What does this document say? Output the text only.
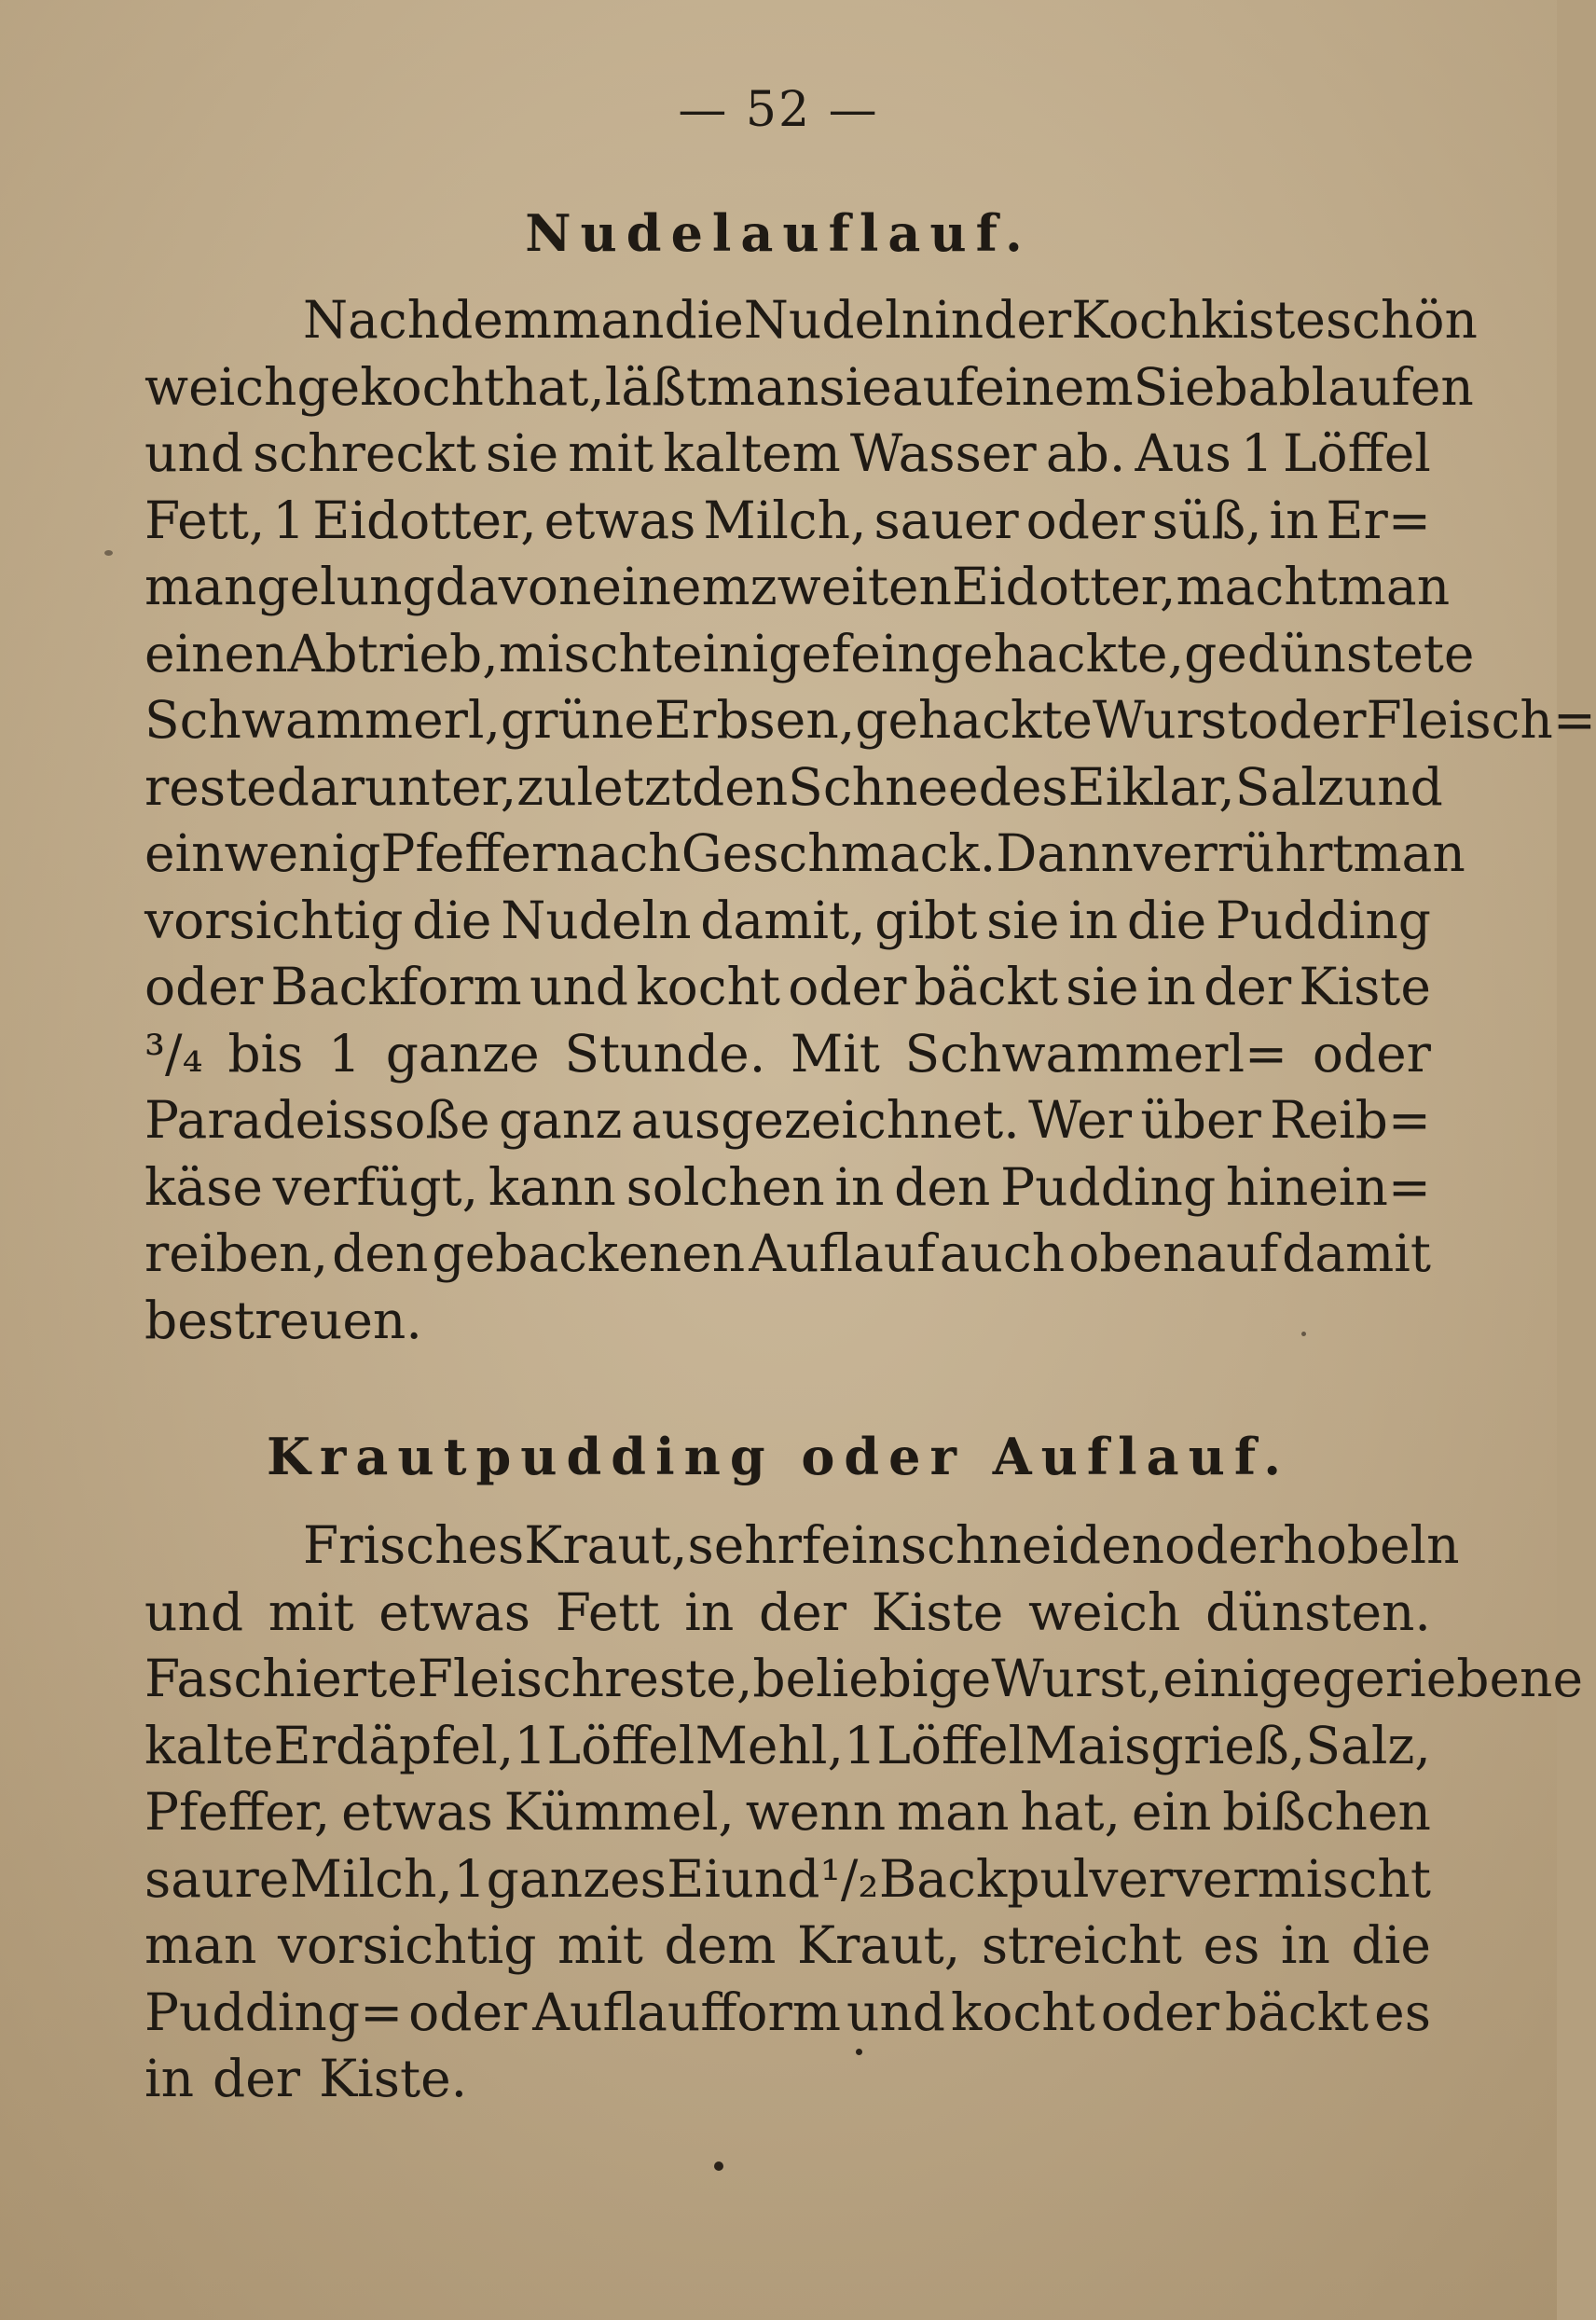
— 52 —
Nudelauflauf.
Nachdem man die Nudeln in der Kochkiste schön
weich gekocht hat, läßt man sie auf einem Sieb ablaufen
und schreckt sie mit kaltem Wasser ab. Aus 1 Löffel
Fett, 1 Eidotter, etwas Milch, sauer oder süß, in Er=
mangelung davon einem zweiten Eidotter, macht man
einen Abtrieb, mischt einige feingehackte, gedünstete
Schwammerl, grüne Erbsen, gehackte Wurst oder Fleisch=
reste darunter, zuletzt den Schnee des Eiklar, Salz und
ein wenig Pfeffer nach Geschmack. Dann verrührt man
vorsichtig die Nudeln damit, gibt sie in die Pudding
oder Backform und kocht oder bäckt sie in der Kiste
³/₄ bis 1 ganze Stunde. Mit Schwammerl= oder
Paradeissoße ganz ausgezeichnet. Wer über Reib=
käse verfügt, kann solchen in den Pudding hinein=
reiben, den gebackenen Auflauf auch obenauf damit
bestreuen.
Krautpudding oder Auflauf.
Frisches Kraut, sehr fein schneiden oder hobeln
und mit etwas Fett in der Kiste weich dünsten.
Faschierte Fleischreste, beliebige Wurst, einige geriebene
kalte Erdäpfel, 1 Löffel Mehl, 1 Löffel Maisgrieß, Salz,
Pfeffer, etwas Kümmel, wenn man hat, ein bißchen
saure Milch, 1 ganzes Ei und ¹/₂ Backpulver vermischt
man vorsichtig mit dem Kraut, streicht es in die
Pudding= oder Auflaufform und kocht oder bäckt es
in der Kiste.
